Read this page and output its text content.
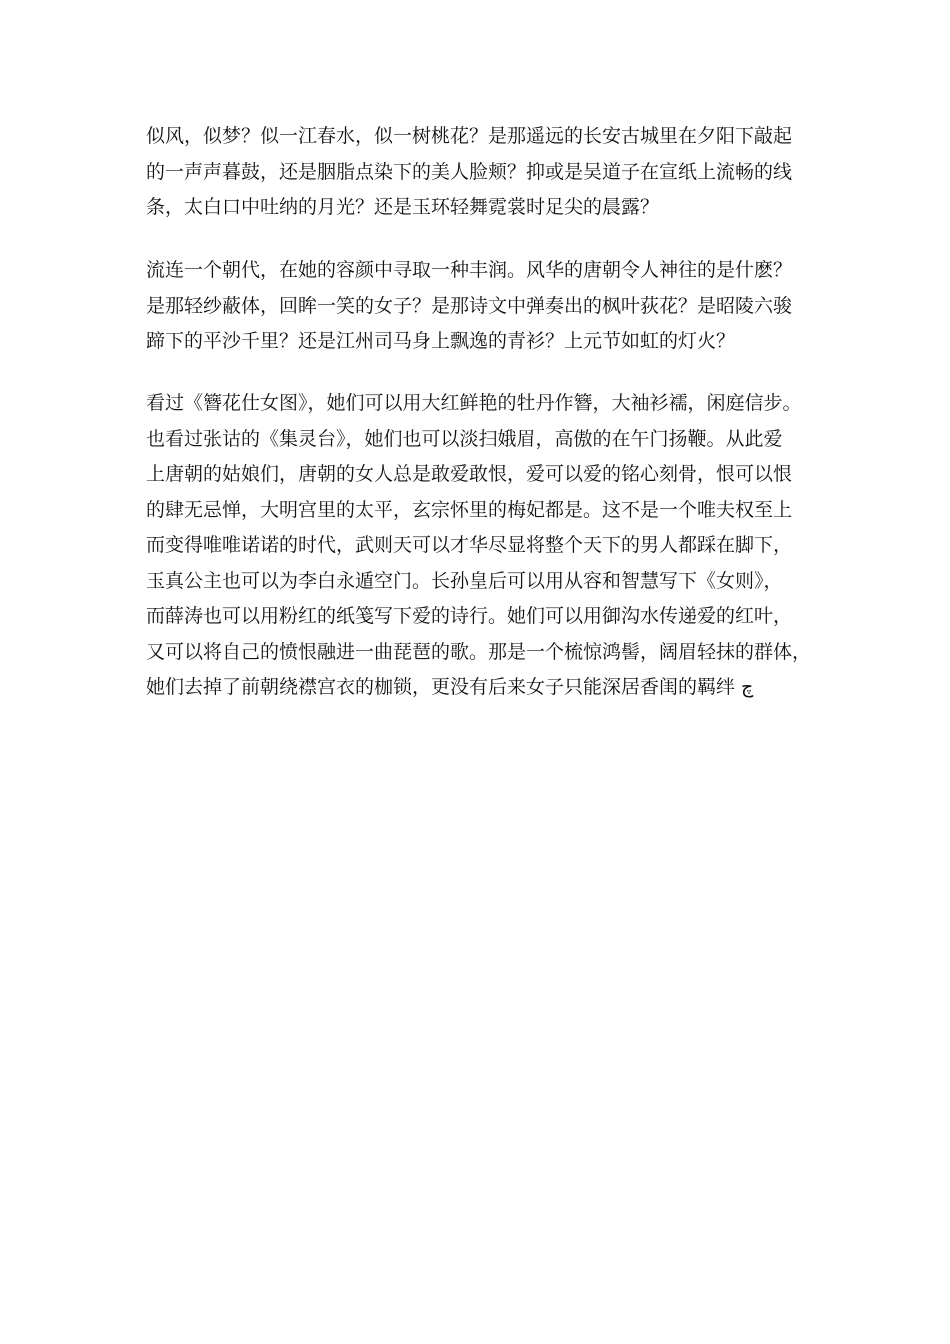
似风，似梦？似一江春水，似一树桃花？是那遥远的长安古城里在夕阳下敲起
的一声声暮鼓，还是胭脂点染下的美人脸颊？抑或是吴道子在宣纸上流畅的线
条，太白口中吐纳的月光？还是玉环轻舞霓裳时足尖的晨露？
流连一个朝代，在她的容颜中寻取一种丰润。风华的唐朝令人神往的是什麽？
是那轻纱蔽体，回眸一笑的女子？是那诗文中弹奏出的枫叶荻花？是昭陵六骏
蹄下的平沙千里？还是江州司马身上飘逸的青衫？上元节如虹的灯火？
看过《簪花仕女图》，她们可以用大红鲜艳的牡丹作簪，大袖衫襦，闲庭信步。
也看过张诂的《集灵台》，她们也可以淡扫娥眉，高傲的在午门扬鞭。从此爱
上唐朝的姑娘们，唐朝的女人总是敢爱敢恨，爱可以爱的铭心刻骨，恨可以恨
的肆无忌惮，大明宫里的太平，玄宗怀里的梅妃都是。这不是一个唯夫权至上
而变得唯唯诺诺的时代，武则天可以才华尽显将整个天下的男人都踩在脚下，
玉真公主也可以为李白永遁空门。长孙皇后可以用从容和智慧写下《女则》，
而薛涛也可以用粉红的纸笺写下爱的诗行。她们可以用御沟水传递爱的红叶，
又可以将自己的愤恨融进一曲琵琶的歌。那是一个梳惊鸿髻，阔眉轻抹的群体，
她们去掉了前朝绕襟宫衣的枷锁，更没有后来女子只能深居香闺的羁绊 ﭺ
